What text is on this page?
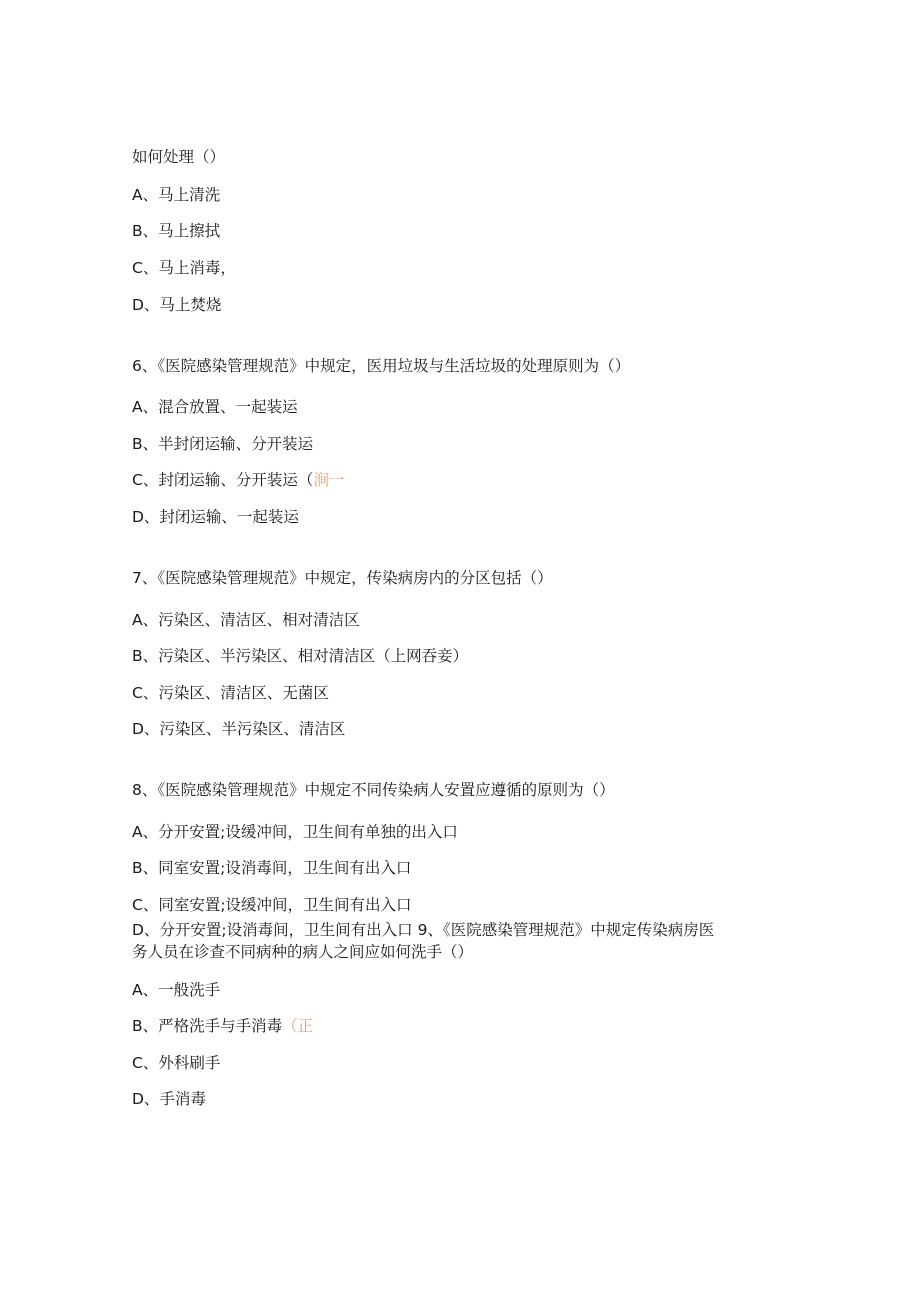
如何处理（）
A、马上清洗
B、马上擦拭
C、马上消毒，
D、马上焚烧
6、《医院感染管理规范》中规定，医用垃圾与生活垃圾的处理原则为（）
A、混合放置、一起装运
B、半封闭运输、分开装运
C、封闭运输、分开装运（涧一
D、封闭运输、一起装运
7、《医院感染管理规范》中规定，传染病房内的分区包括（）
A、污染区、清洁区、相对清洁区
B、污染区、半污染区、相对清洁区（上网吞妾）
C、污染区、清洁区、无菌区
D、污染区、半污染区、清洁区
8、《医院感染管理规范》中规定不同传染病人安置应遵循的原则为（）
A、分开安置;设缓冲间，卫生间有单独的出入口
B、同室安置;设消毒间，卫生间有出入口
C、同室安置;设缓冲间，卫生间有出入口
D、分开安置;设消毒间，卫生间有出入口 9、《医院感染管理规范》中规定传染病房医
务人员在诊查不同病种的病人之间应如何洗手（）
A、一般洗手
B、严格洗手与手消毒（正
C、外科刷手
D、手消毒
